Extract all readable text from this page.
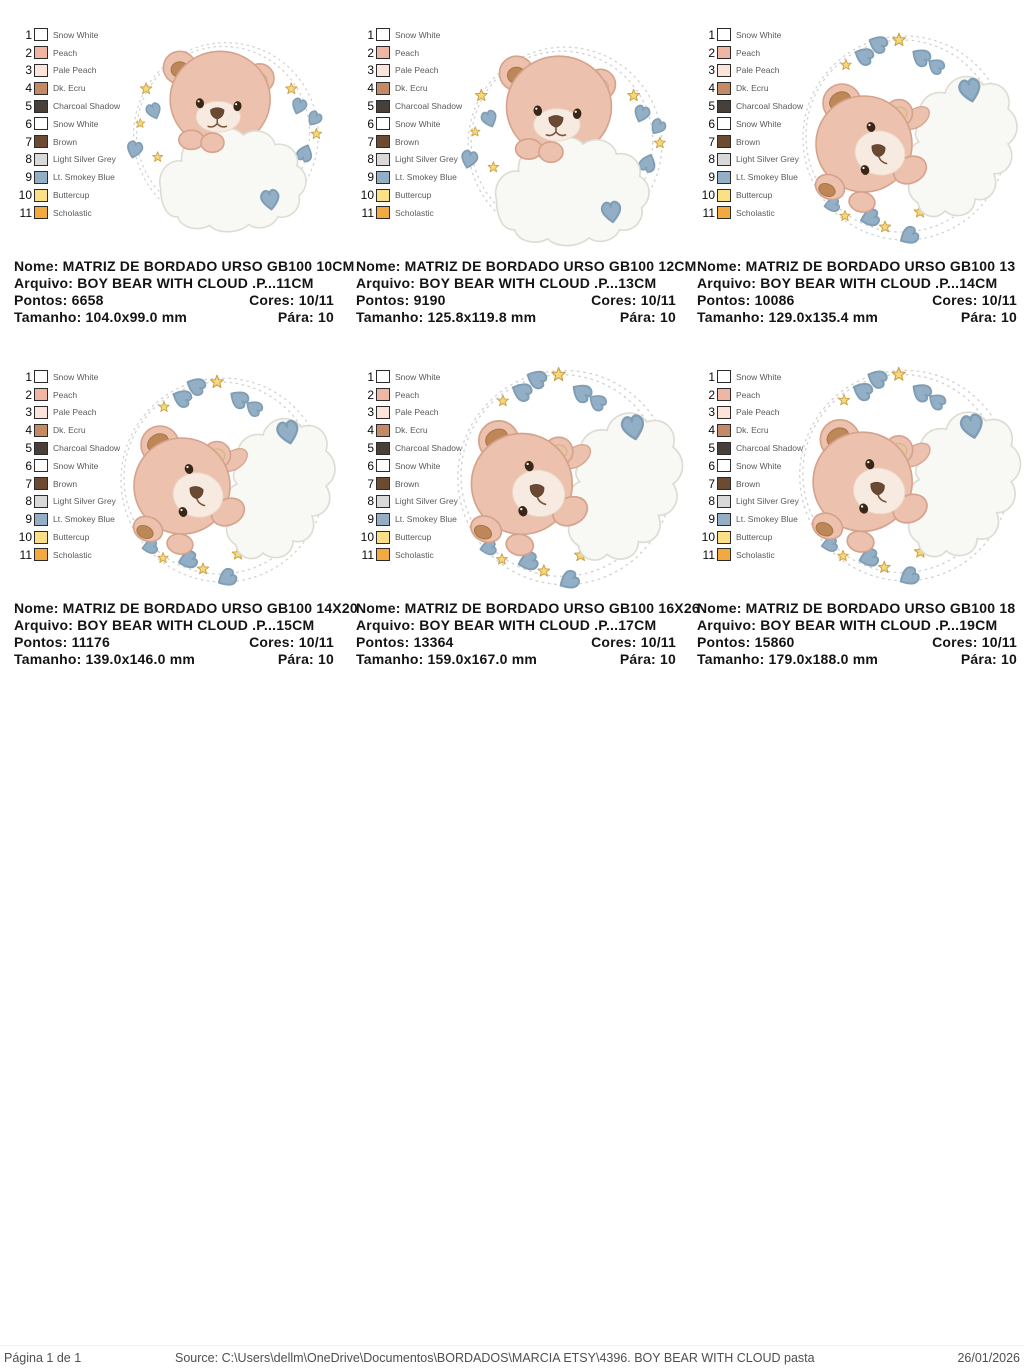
1 Snow White
2 Peach
3 Pale Peach
4 Dk. Ecru
5 Charcoal Shadow
6 Snow White
7 Brown
8 Light Silver Grey
9 Lt. Smokey Blue
10 Buttercup
11 Scholastic
Nome: MATRIZ DE BORDADO URSO GB100 10CM
Arquivo: BOY BEAR WITH CLOUD .P...11CM
Pontos: 6658	Cores: 10/11
Tamanho: 104.0x99.0 mm	Pára: 10
1 Snow White
2 Peach
3 Pale Peach
4 Dk. Ecru
5 Charcoal Shadow
6 Snow White
7 Brown
8 Light Silver Grey
9 Lt. Smokey Blue
10 Buttercup
11 Scholastic
Nome: MATRIZ DE BORDADO URSO GB100 12CM
Arquivo: BOY BEAR WITH CLOUD .P...13CM
Pontos: 9190	Cores: 10/11
Tamanho: 125.8x119.8 mm	Pára: 10
1 Snow White
2 Peach
3 Pale Peach
4 Dk. Ecru
5 Charcoal Shadow
6 Snow White
7 Brown
8 Light Silver Grey
9 Lt. Smokey Blue
10 Buttercup
11 Scholastic
Nome: MATRIZ DE BORDADO URSO GB100 13
Arquivo: BOY BEAR WITH CLOUD .P...14CM
Pontos: 10086	Cores: 10/11
Tamanho: 129.0x135.4 mm	Pára: 10
1 Snow White
2 Peach
3 Pale Peach
4 Dk. Ecru
5 Charcoal Shadow
6 Snow White
7 Brown
8 Light Silver Grey
9 Lt. Smokey Blue
10 Buttercup
11 Scholastic
Nome: MATRIZ DE BORDADO URSO GB100 14X20
Arquivo: BOY BEAR WITH CLOUD .P...15CM
Pontos: 11176	Cores: 10/11
Tamanho: 139.0x146.0 mm	Pára: 10
1 Snow White
2 Peach
3 Pale Peach
4 Dk. Ecru
5 Charcoal Shadow
6 Snow White
7 Brown
8 Light Silver Grey
9 Lt. Smokey Blue
10 Buttercup
11 Scholastic
Nome: MATRIZ DE BORDADO URSO GB100 16X26
Arquivo: BOY BEAR WITH CLOUD .P...17CM
Pontos: 13364	Cores: 10/11
Tamanho: 159.0x167.0 mm	Pára: 10
1 Snow White
2 Peach
3 Pale Peach
4 Dk. Ecru
5 Charcoal Shadow
6 Snow White
7 Brown
8 Light Silver Grey
9 Lt. Smokey Blue
10 Buttercup
11 Scholastic
Nome: MATRIZ DE BORDADO URSO GB100 18
Arquivo: BOY BEAR WITH CLOUD .P...19CM
Pontos: 15860	Cores: 10/11
Tamanho: 179.0x188.0 mm	Pára: 10
Página 1 de 1	Source: C:\Users\dellm\OneDrive\Documentos\BORDADOS\MARCIA ETSY\4396. BOY BEAR WITH CLOUD pasta	26/01/2026
